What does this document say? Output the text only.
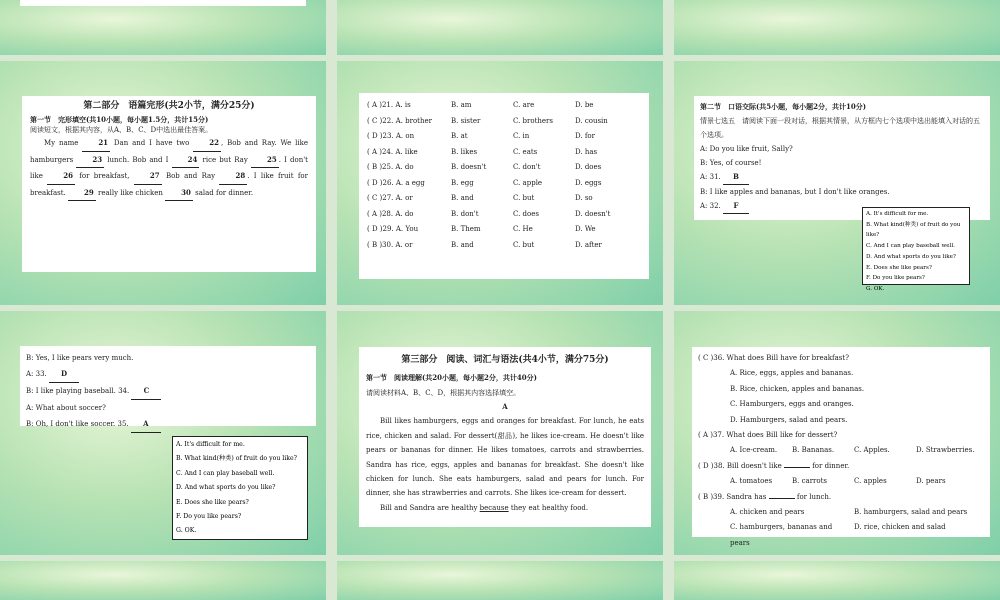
第二部分　语篇完形(共2小节，满分25分)

第一节　完形填空(共10小题，每小题1.5分，共计15分)

阅读短文，根据其内容，从A、B、C、D中选出最佳答案。

My name	21 Dan and I have two	22 , Bob and Ray. We like hamburgers	23 lunch. Bob and I	24 rice but Ray	25 . I don't like	26 for breakfast,	27 Bob and Ray	28 . I like fruit for breakfast.	29 really like chicken	30 salad for dinner.

( A )21. A. is	B. am	C. are	D. be
( C )22. A. brother	B. sister	C. brothers	D. cousin
( D )23. A. on	B. at	C. in	D. for
( A )24. A. like	B. likes	C. eats	D. has
( B )25. A. do	B. doesn't	C. don't	D. does
( D )26. A. a egg	B. egg	C. apple	D. eggs
( C )27. A. or	B. and	C. but	D. so
( A )28. A. do	B. don't	C. does	D. doesn't
( D )29. A. You	B. Them	C. He	D. We
( B )30. A. or	B. and	C. but	D. after

第二节　口语交际(共5小题，每小题2分，共计10分)

情景七选五　请阅读下面一段对话，根据其情景，从方框内七个选项中选出能填入对话的五个选项。

A: Do you like fruit, Sally?

B: Yes, of course!

A: 31. B

B: I like apples and bananas, but I don't like oranges.

A: 32. F

A. It's difficult for me.
B. What kind(种类) of fruit do you like?
C. And I can play baseball well.
D. And what sports do you like?
E. Does she like pears?
F. Do you like pears?
G. OK.

B: Yes, I like pears very much.

A: 33. D

B: I like playing baseball. 34. C

A: What about soccer?

B: Oh, I don't like soccer. 35. A

A. It's difficult for me.
B. What kind(种类) of fruit do you like?
C. And I can play baseball well.
D. And what sports do you like?
E. Does she like pears?
F. Do you like pears?
G. OK.
第三部分　阅读、词汇与语法(共4小节，满分75分)

第一节　阅读理解(共20小题，每小题2分，共计40分)

请阅读材料A、B、C、D，根据其内容选择填空。

A

Bill likes hamburgers, eggs and oranges for breakfast. For lunch, he eats rice, chicken and salad. For dessert(甜品), he likes ice-cream. He doesn't like pears or bananas for dinner. He likes tomatoes, carrots and strawberries. Sandra has rice, eggs, apples and bananas for breakfast. She doesn't like chicken for lunch. She eats hamburgers, salad and pears for lunch. For dinner, she has strawberries and carrots. She likes ice-cream for dessert.

Bill and Sandra are healthy because they eat healthy food.

( C )36. What does Bill have for breakfast?

A. Rice, eggs, apples and bananas.

B. Rice, chicken, apples and bananas.

C. Hamburgers, eggs and oranges.

D. Hamburgers, salad and pears.

( A )37. What does Bill like for dessert?

A. Ice-cream.	B. Bananas.	C. Apples.	D. Strawberries.

( D )38. Bill doesn't like	for dinner.

A. tomatoes	B. carrots	C. apples	D. pears

( B )39. Sandra has	for lunch.

A. chicken and pears	B. hamburgers, salad and pears
C. hamburgers, bananas and pears
D. rice, chicken and salad
